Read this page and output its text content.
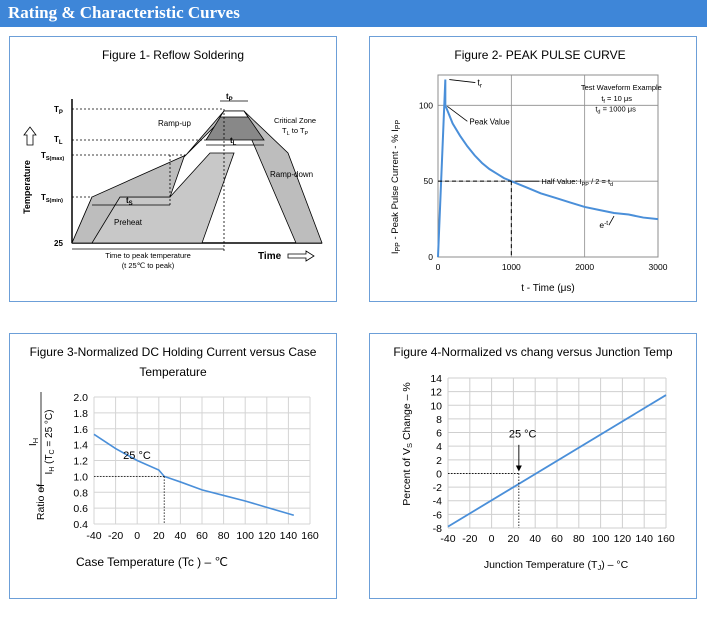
Rating & Characteristic Curves
Figure 1- Reflow Soldering
$t_P$
$t_L$
$t_S$
$T_P$
$T_L$
$T_{S(max)}$
$T_{S(min)}$
25
Temperature
Ramp-up
Ramp-down
Critical Zone
$T_L$ to $T_P$
Preheat
Time to peak temperature
(t 25℃ to peak)
Time
Figure 2- PEAK PULSE CURVE
0	1000	2000	3000
0
50
100
$t_r$
Peak Value
Half Value: $I_{PP} / 2 = t_d$
$e^{-t}$
Test Waveform Example
$t_f = 10$ μs
$t_d = 1000$ μs
$I_{PP}$ - Peak Pulse Current - % $I_{PP}$
t - Time (μs)
Figure 3-Normalized DC Holding Current versus Case
Temperature
-40 -20 0 20 40 60 80 100 120 140 160
0.4
0.6
0.8
1.0
1.2
1.4
1.6
1.8
2.0
25 °C
IH
Ratio of
$I_H$ ($T_C = 25$ °C)
Case Temperature (Tc ) – ℃
Figure 4-Normalized vs chang versus Junction Temp
-40 -20 0 20 40 60 80 100 120 140 160
-8
-6
-4
-2
0
2
4
6
8
10
12
14
25 °C
Percent of VS Change – %
Junction Temperature (TJ) – °C
